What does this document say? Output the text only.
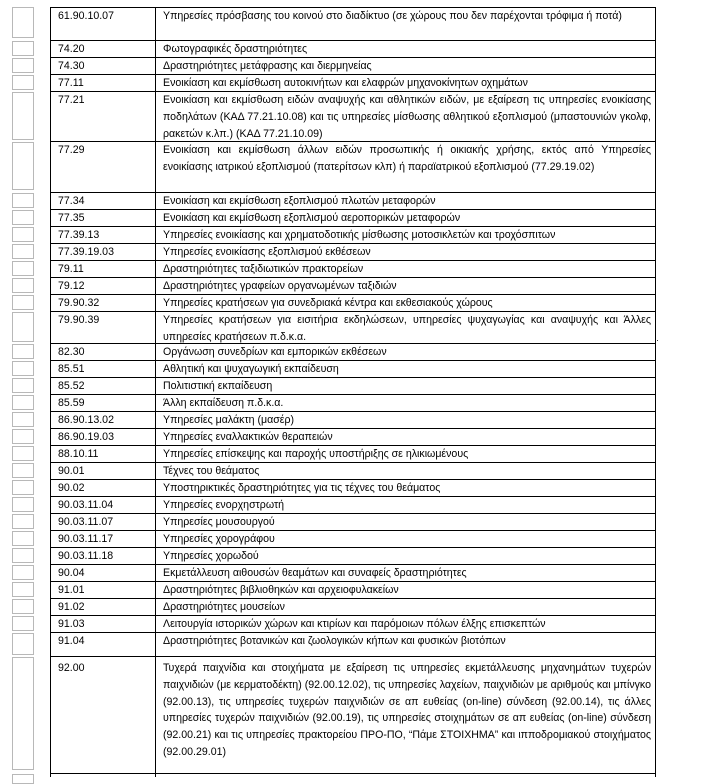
61.90.10.07	Υπηρεσίες πρόσβασης του κοινού στο διαδίκτυο (σε χώρους που δεν παρέχονται τρόφιμα ή ποτά)
74.20	Φωτογραφικές δραστηριότητες
74.30	Δραστηριότητες μετάφρασης και διερμηνείας
77.11	Ενοικίαση και εκμίσθωση αυτοκινήτων και ελαφρών μηχανοκίνητων οχημάτων
77.21	Ενοικίαση και εκμίσθωση ειδών αναψυχής και αθλητικών ειδών, με εξαίρεση τις υπηρεσίες ενοικίασης ποδηλάτων (ΚΑΔ 77.21.10.08) και τις υπηρεσίες μίσθωσης αθλητικού εξοπλισμού (μπαστουνιών γκολφ, ρακετών κ.λπ.) (ΚΑΔ 77.21.10.09)
77.29	Ενοικίαση και εκμίσθωση άλλων ειδών προσωπικής ή οικιακής χρήσης, εκτός από Υπηρεσίες ενοικίασης ιατρικού εξοπλισμού (πατερίτσων κλπ) ή παραϊατρικού εξοπλισμού (77.29.19.02)
77.34	Ενοικίαση και εκμίσθωση εξοπλισμού πλωτών μεταφορών
77.35	Ενοικίαση και εκμίσθωση εξοπλισμού αεροπορικών μεταφορών
77.39.13	Υπηρεσίες ενοικίασης και χρηματοδοτικής μίσθωσης μοτοσικλετών και τροχόσπιτων
77.39.19.03	Υπηρεσίες ενοικίασης εξοπλισμού εκθέσεων
79.11	Δραστηριότητες ταξιδιωτικών πρακτορείων
79.12	Δραστηριότητες γραφείων οργανωμένων ταξιδιών
79.90.32	Υπηρεσίες κρατήσεων για συνεδριακά κέντρα και εκθεσιακούς χώρους
79.90.39	Υπηρεσίες κρατήσεων για εισιτήρια εκδηλώσεων, υπηρεσίες ψυχαγωγίας και αναψυχής και Άλλες υπηρεσίες κρατήσεων π.δ.κ.α.
82.30	Οργάνωση συνεδρίων και εμπορικών εκθέσεων
85.51	Αθλητική και ψυχαγωγική εκπαίδευση
85.52	Πολιτιστική εκπαίδευση
85.59	Άλλη εκπαίδευση π.δ.κ.α.
86.90.13.02	Υπηρεσίες μαλάκτη (μασέρ)
86.90.19.03	Υπηρεσίες εναλλακτικών θεραπειών
88.10.11	Υπηρεσίες επίσκεψης και παροχής υποστήριξης σε ηλικιωμένους
90.01	Τέχνες του θεάματος
90.02	Υποστηρικτικές δραστηριότητες για τις τέχνες του θεάματος
90.03.11.04	Υπηρεσίες ενορχηστρωτή
90.03.11.07	Υπηρεσίες μουσουργού
90.03.11.17	Υπηρεσίες χορογράφου
90.03.11.18	Υπηρεσίες χορωδού
90.04	Εκμετάλλευση αιθουσών θεαμάτων και συναφείς δραστηριότητες
91.01	Δραστηριότητες βιβλιοθηκών και αρχειοφυλακείων
91.02	Δραστηριότητες μουσείων
91.03	Λειτουργία ιστορικών χώρων και κτιρίων και παρόμοιων πόλων έλξης επισκεπτών
91.04	Δραστηριότητες βοτανικών και ζωολογικών κήπων και φυσικών βιοτόπων
92.00	Τυχερά παιχνίδια και στοιχήματα με εξαίρεση τις υπηρεσίες εκμετάλλευσης μηχανημάτων τυχερών παιχνιδιών (με κερματοδέκτη) (92.00.12.02), τις υπηρεσίες λαχείων, παιχνιδιών με αριθμούς και μπίνγκο (92.00.13), τις υπηρεσίες τυχερών παιχνιδιών σε απ ευθείας (on-line) σύνδεση (92.00.14), τις άλλες υπηρεσίες τυχερών παιχνιδιών (92.00.19), τις υπηρεσίες στοιχημάτων σε απ ευθείας (on-line) σύνδεση (92.00.21) και τις υπηρεσίες πρακτορείου ΠΡΟ-ΠΟ, “Πάμε ΣΤΟΙΧΗΜΑ” και ιπποδρομιακού στοιχήματος (92.00.29.01)
